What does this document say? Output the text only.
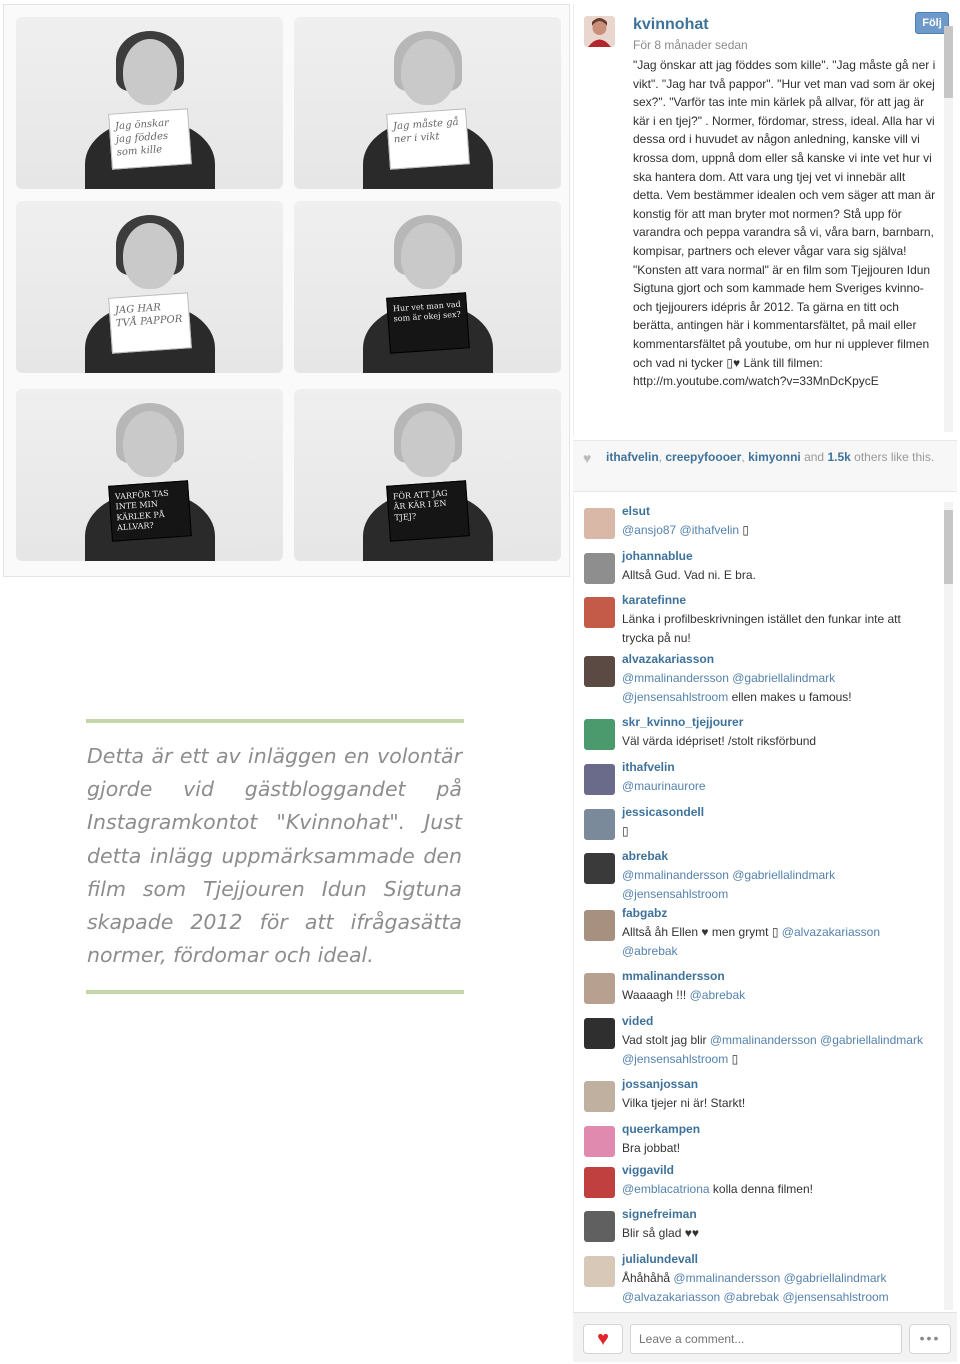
Jag önskar jag föddes som kille
Jag måste gå ner i vikt
JAG HAR TVÅ PAPPOR
Hur vet man vad som är okej sex?
VARFÖR TAS INTE MIN KÄRLEK PÅ ALLVAR?
FÖR ATT JAG ÄR KÄR I EN TJEJ?

Detta är ett av inläggen en volontär gjorde vid gästbloggandet på Instagramkontot "Kvinnohat". Just detta inlägg uppmärksammade den film som Tjejjouren Idun Sigtuna skapade 2012 för att ifrågasätta normer, fördomar och ideal.

kvinnohat
För 8 månader sedan
Följ
"Jag önskar att jag föddes som kille". "Jag måste gå ner i vikt". "Jag har två pappor". "Hur vet man vad som är okej sex?". "Varför tas inte min kärlek på allvar, för att jag är kär i en tjej?" . Normer, fördomar, stress, ideal. Alla har vi dessa ord i huvudet av någon anledning, kanske vill vi krossa dom, uppnå dom eller så kanske vi inte vet hur vi ska hantera dom. Att vara ung tjej vet vi innebär allt detta. Vem bestämmer idealen och vem säger att man är konstig för att man bryter mot normen? Stå upp för varandra och peppa varandra så vi, våra barn, barnbarn, kompisar, partners och elever vågar vara sig själva! "Konsten att vara normal" är en film som Tjejjouren Idun Sigtuna gjort och som kammade hem Sveriges kvinno- och tjejjourers idépris år 2012. Ta gärna en titt och berätta, antingen här i kommentarsfältet, på mail eller kommentarsfältet på youtube, om hur ni upplever filmen och vad ni tycker ▯♥ Länk till filmen: http://m.youtube.com/watch?v=33MnDcKpycE
♥ ithafvelin, creepyfoooer, kimyonni and 1.5k others like this.
elsut
@ansjo87 @ithafvelin ▯
johannablue
Alltså Gud. Vad ni. E bra.
karatefinne
Länka i profilbeskrivningen istället den funkar inte att trycka på nu!
alvazakariasson
@mmalinandersson @gabriellalindmark @jensensahlstroom ellen makes u famous!
skr_kvinno_tjejjourer
Väl värda idépriset! /stolt riksförbund
ithafvelin
@maurinaurore
jessicasondell
▯
abrebak
@mmalinandersson @gabriellalindmark @jensensahlstroom
fabgabz
Alltså åh Ellen ♥ men grymt ▯ @alvazakariasson @abrebak
mmalinandersson
Waaaagh !!! @abrebak
vided
Vad stolt jag blir @mmalinandersson @gabriellalindmark @jensensahlstroom ▯
jossanjossan
Vilka tjejer ni är! Starkt!
queerkampen
Bra jobbat!
viggavild
@emblacatriona kolla denna filmen!
signefreiman
Blir så glad ♥♥
julialundevall
Åhåhåhå @mmalinandersson @gabriellalindmark @alvazakariasson @abrebak @jensensahlstroom
♥
Leave a comment...	•••
